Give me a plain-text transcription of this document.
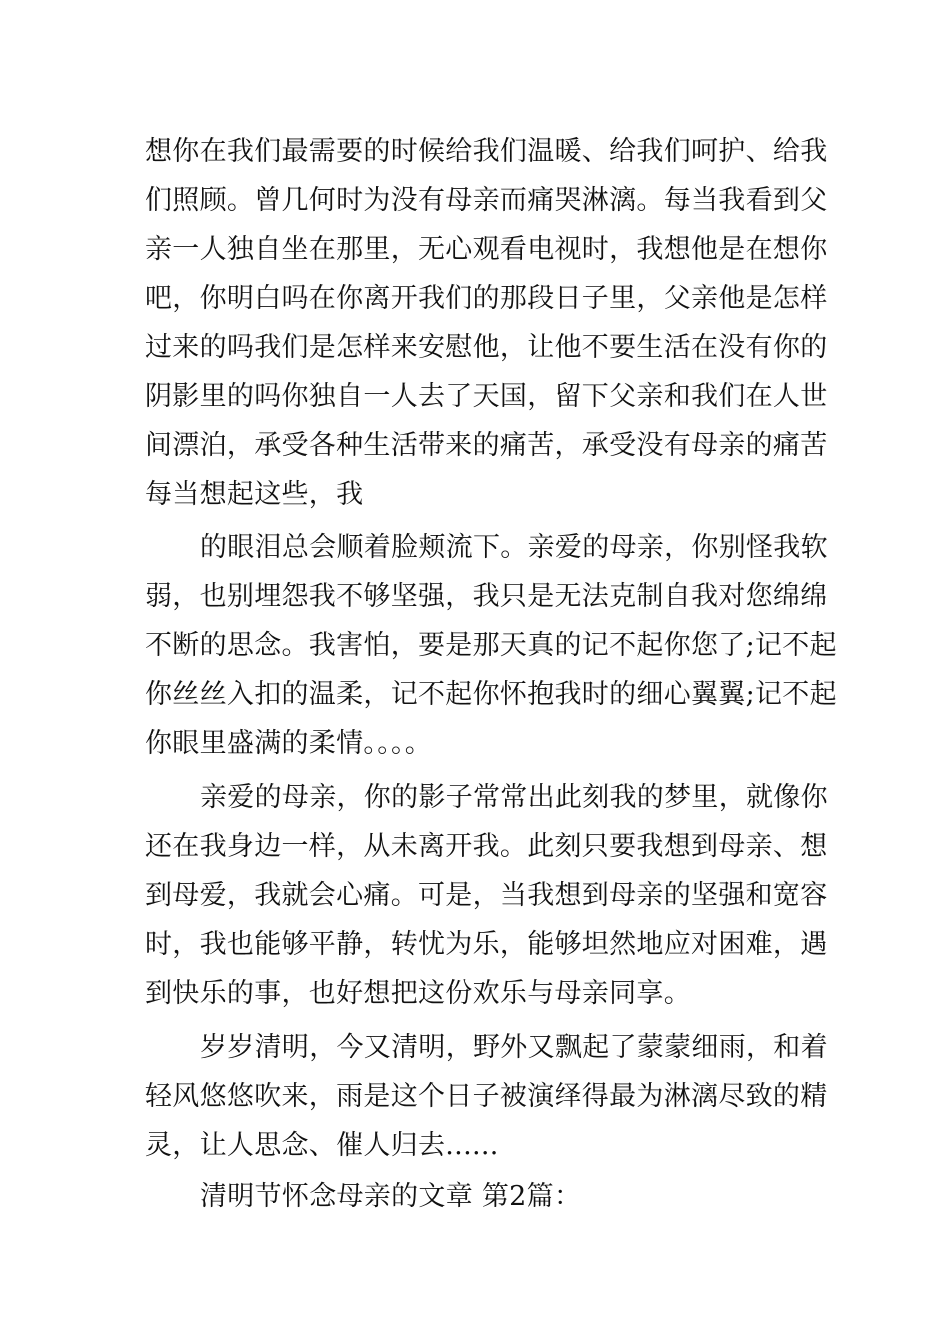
想你在我们最需要的时候给我们温暖、给我们呵护、给我
们照顾。曾几何时为没有母亲而痛哭淋漓。每当我看到父
亲一人独自坐在那里，无心观看电视时，我想他是在想你
吧，你明白吗在你离开我们的那段日子里，父亲他是怎样
过来的吗我们是怎样来安慰他，让他不要生活在没有你的
阴影里的吗你独自一人去了天国，留下父亲和我们在人世
间漂泊，承受各种生活带来的痛苦，承受没有母亲的痛苦
每当想起这些，我
的眼泪总会顺着脸颊流下。亲爱的母亲，你别怪我软
弱，也别埋怨我不够坚强，我只是无法克制自我对您绵绵
不断的思念。我害怕，要是那天真的记不起你您了;记不起
你丝丝入扣的温柔，记不起你怀抱我时的细心翼翼;记不起
你眼里盛满的柔情。。。。
亲爱的母亲，你的影子常常出此刻我的梦里，就像你
还在我身边一样，从未离开我。此刻只要我想到母亲、想
到母爱，我就会心痛。可是，当我想到母亲的坚强和宽容
时，我也能够平静，转忧为乐，能够坦然地应对困难，遇
到快乐的事，也好想把这份欢乐与母亲同享。
岁岁清明，今又清明，野外又飘起了蒙蒙细雨，和着
轻风悠悠吹来，雨是这个日子被演绎得最为淋漓尽致的精
灵，让人思念、催人归去......
清明节怀念母亲的文章 第2篇：
